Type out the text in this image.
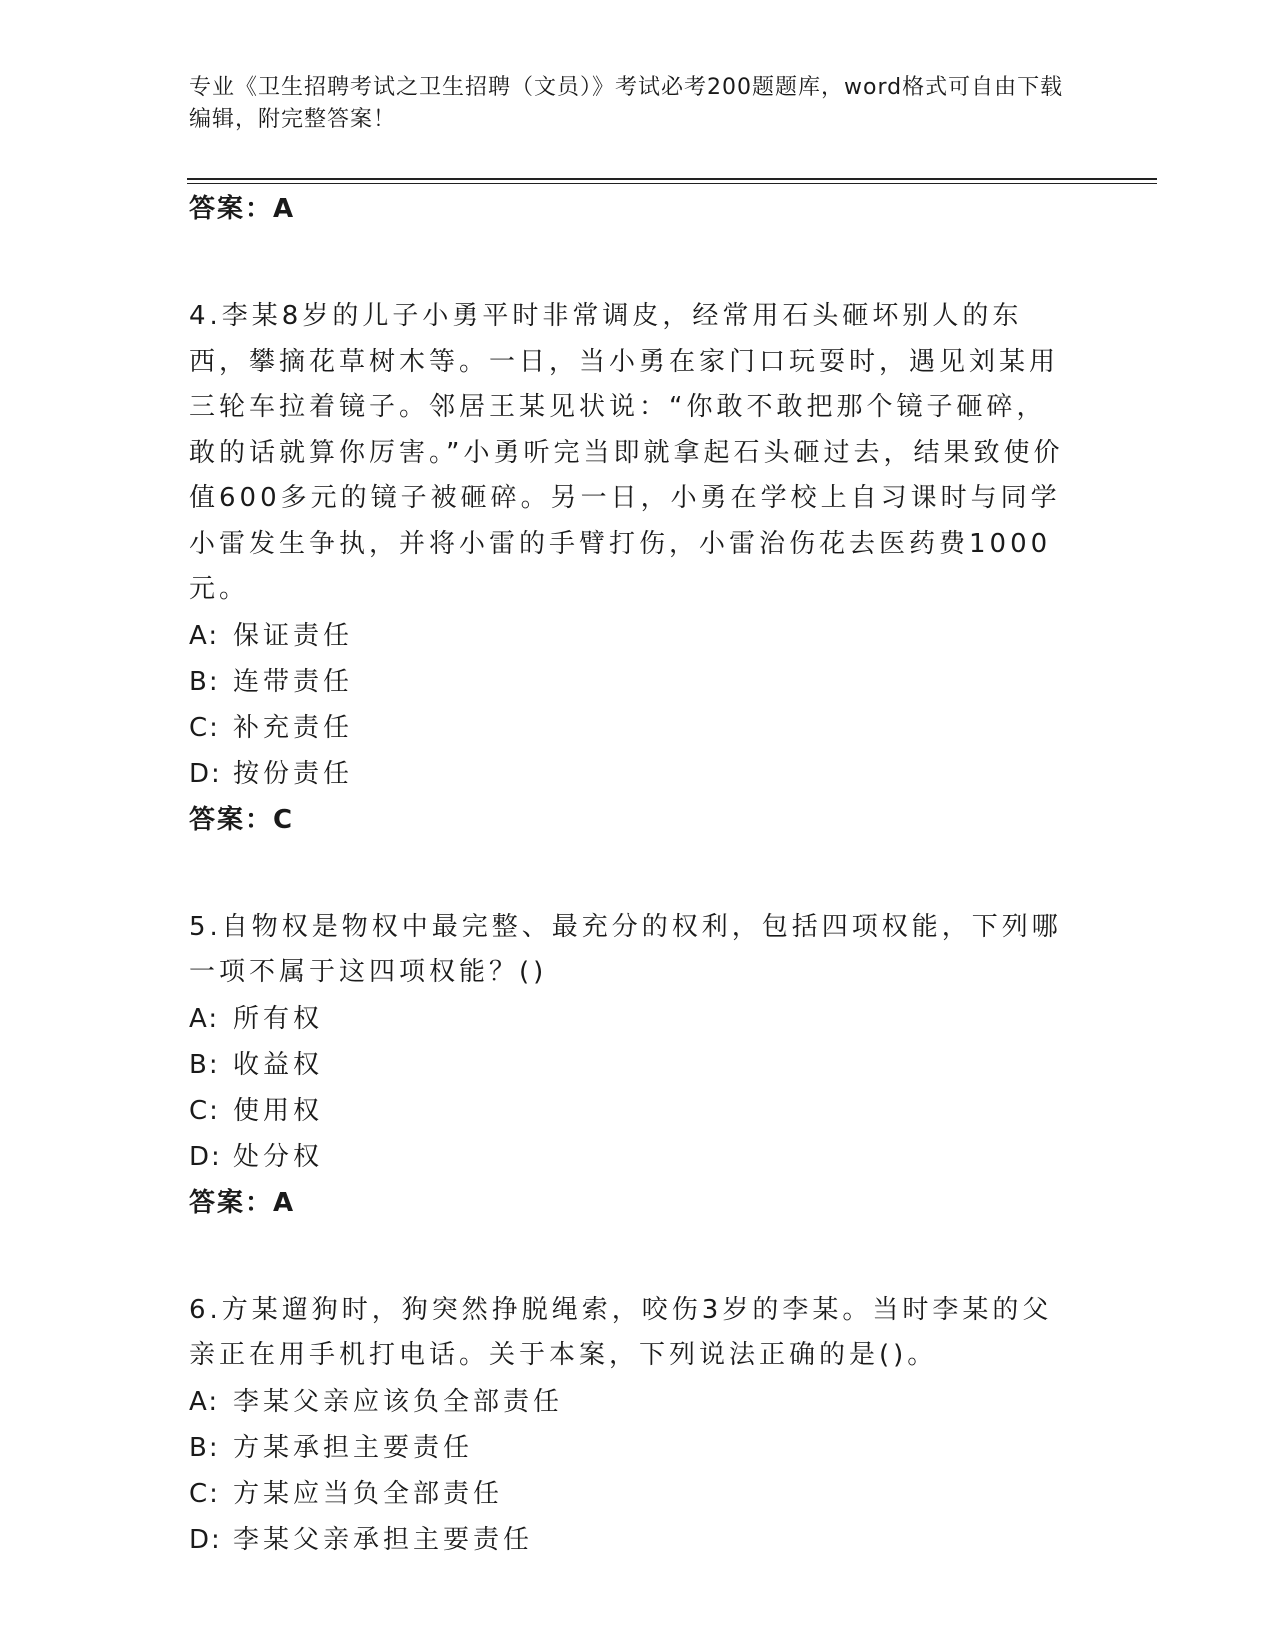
专业《卫生招聘考试之卫生招聘（文员）》考试必考200题题库，word格式可自由下载编辑，附完整答案！
答案：A
4.李某8岁的儿子小勇平时非常调皮，经常用石头砸坏别人的东西，攀摘花草树木等。一日，当小勇在家门口玩耍时，遇见刘某用三轮车拉着镜子。邻居王某见状说：“你敢不敢把那个镜子砸碎，敢的话就算你厉害。”小勇听完当即就拿起石头砸过去，结果致使价值600多元的镜子被砸碎。另一日，小勇在学校上自习课时与同学小雷发生争执，并将小雷的手臂打伤，小雷治伤花去医药费1000元。
A: 保证责任
B: 连带责任
C: 补充责任
D: 按份责任
答案：C
5.自物权是物权中最完整、最充分的权利，包括四项权能，下列哪一项不属于这四项权能？()
A: 所有权
B: 收益权
C: 使用权
D: 处分权
答案：A
6.方某遛狗时，狗突然挣脱绳索，咬伤3岁的李某。当时李某的父亲正在用手机打电话。关于本案，下列说法正确的是()。
A: 李某父亲应该负全部责任
B: 方某承担主要责任
C: 方某应当负全部责任
D: 李某父亲承担主要责任
